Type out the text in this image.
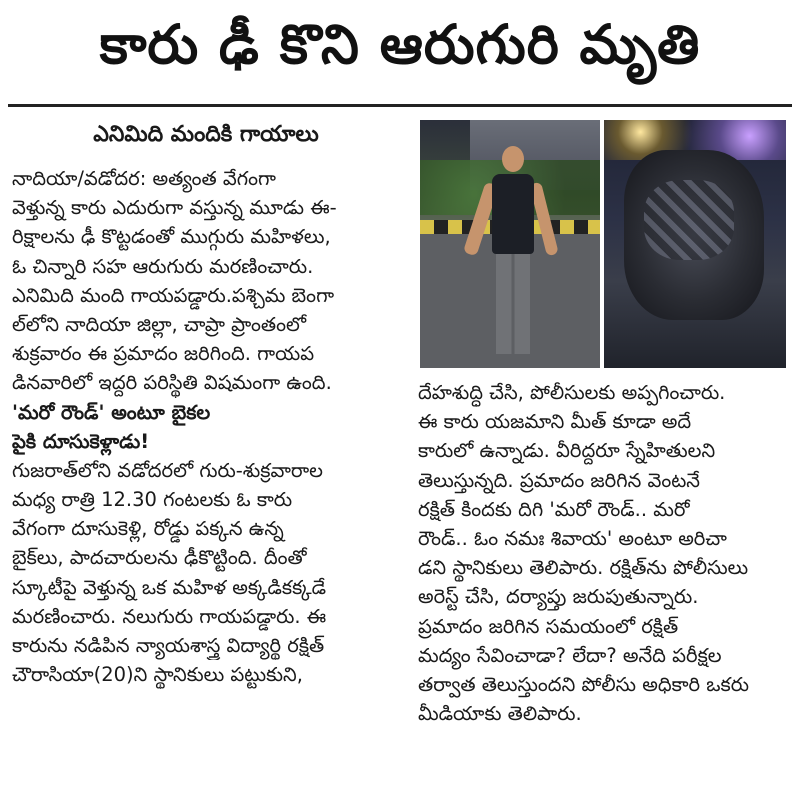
కారు ఢీ కొని ఆరుగురి మృతి
ఎనిమిది మందికి గాయాలు
నాదియా/వడోదర: అత్యంత వేగంగా
వెళ్తున్న కారు ఎదురుగా వస్తున్న మూడు ఈ-
రిక్షాలను ఢీ కొట్టడంతో ముగ్గురు మహిళలు,
ఓ చిన్నారి సహ ఆరుగురు మరణించారు.
ఎనిమిది మంది గాయపడ్డారు.పశ్చిమ బెంగా
ల్‌లోని నాదియా జిల్లా, చాప్రా ప్రాంతంలో
శుక్రవారం ఈ ప్రమాదం జరిగింది. గాయప
డినవారిలో ఇద్దరి పరిస్థితి విషమంగా ఉంది.
'మరో రౌండ్' అంటూ బైకల
పైకి దూసుకెళ్లాడు!
గుజరాత్‌లోని వడోదరలో గురు-శుక్రవారాల
మధ్య రాత్రి 12.30 గంటలకు ఓ కారు
వేగంగా దూసుకెళ్లి, రోడ్డు పక్కన ఉన్న
బైక్‌లు, పాదచారులను ఢీకొట్టింది. దీంతో
స్కూటీపై వెళ్తున్న ఒక మహిళ అక్కడికక్కడే
మరణించారు. నలుగురు గాయపడ్డారు. ఈ
కారును నడిపిన న్యాయశాస్త్ర విద్యార్థి రక్షిత్
చౌరాసియా(20)ని స్థానికులు పట్టుకుని,
దేహశుద్ధి చేసి, పోలీసులకు అప్పగించారు.
ఈ కారు యజమాని మీత్ కూడా అదే
కారులో ఉన్నాడు. వీరిద్దరూ స్నేహితులని
తెలుస్తున్నది. ప్రమాదం జరిగిన వెంటనే
రక్షిత్ కిందకు దిగి 'మరో రౌండ్.. మరో
రౌండ్.. ఓం నమః శివాయ' అంటూ అరిచా
డని స్థానికులు తెలిపారు. రక్షిత్‌ను పోలీసులు
అరెస్ట్ చేసి, దర్యాప్తు జరుపుతున్నారు.
ప్రమాదం జరిగిన సమయంలో రక్షిత్
మద్యం సేవించాడా? లేదా? అనేది పరీక్షల
తర్వాత తెలుస్తుందని పోలీసు అధికారి ఒకరు
మీడియాకు తెలిపారు.
